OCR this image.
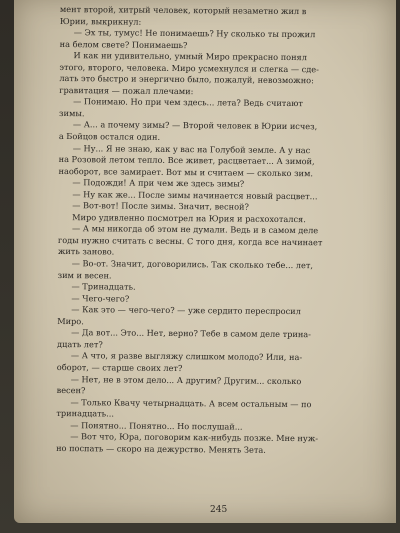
мент второй, хитрый человек, который незаметно жил в
Юрии, выкрикнул:
— Эх ты, тумус! Не понимаешь? Ну сколько ты прожил
на белом свете? Понимаешь?
И как ни удивительно, умный Миро прекрасно понял
этого, второго, человека. Миро усмехнулся и слегка — сде-
лать это быстро и энергично было, пожалуй, невозможно:
гравитация — пожал плечами:
— Понимаю. Но при чем здесь... лета? Ведь считают
зимы.
— А... а почему зимы? — Второй человек в Юрии исчез,
а Бойцов остался один.
— Ну... Я не знаю, как у вас на Голубой земле. А у нас
на Розовой летом тепло. Все живет, расцветает... А зимой,
наоборот, все замирает. Вот мы и считаем — сколько зим.
— Подожди! А при чем же здесь зимы?
— Ну как же... После зимы начинается новый расцвет...
— Вот-вот! После зимы. Значит, весной?
Миро удивленно посмотрел на Юрия и расхохотался.
— А мы никогда об этом не думали. Ведь и в самом деле
годы нужно считать с весны. С того дня, когда все начинает
жить заново.
— Во-от. Значит, договорились. Так сколько тебе... лет,
зим и весен.
— Тринадцать.
— Чего-чего?
— Как это — чего-чего? — уже сердито переспросил
Миро.
— Да вот... Это... Нет, верно? Тебе в самом деле трина-
дцать лет?
— А что, я разве выгляжу слишком молодо? Или, на-
оборот, — старше своих лет?
— Нет, не в этом дело... А другим? Другим... сколько
весен?
— Только Квачу четырнадцать. А всем остальным — по
тринадцать...
— Понятно... Понятно... Но послушай...
— Вот что, Юра, поговорим как-нибудь позже. Мне нуж-
но поспать — скоро на дежурство. Менять Зета.
245
